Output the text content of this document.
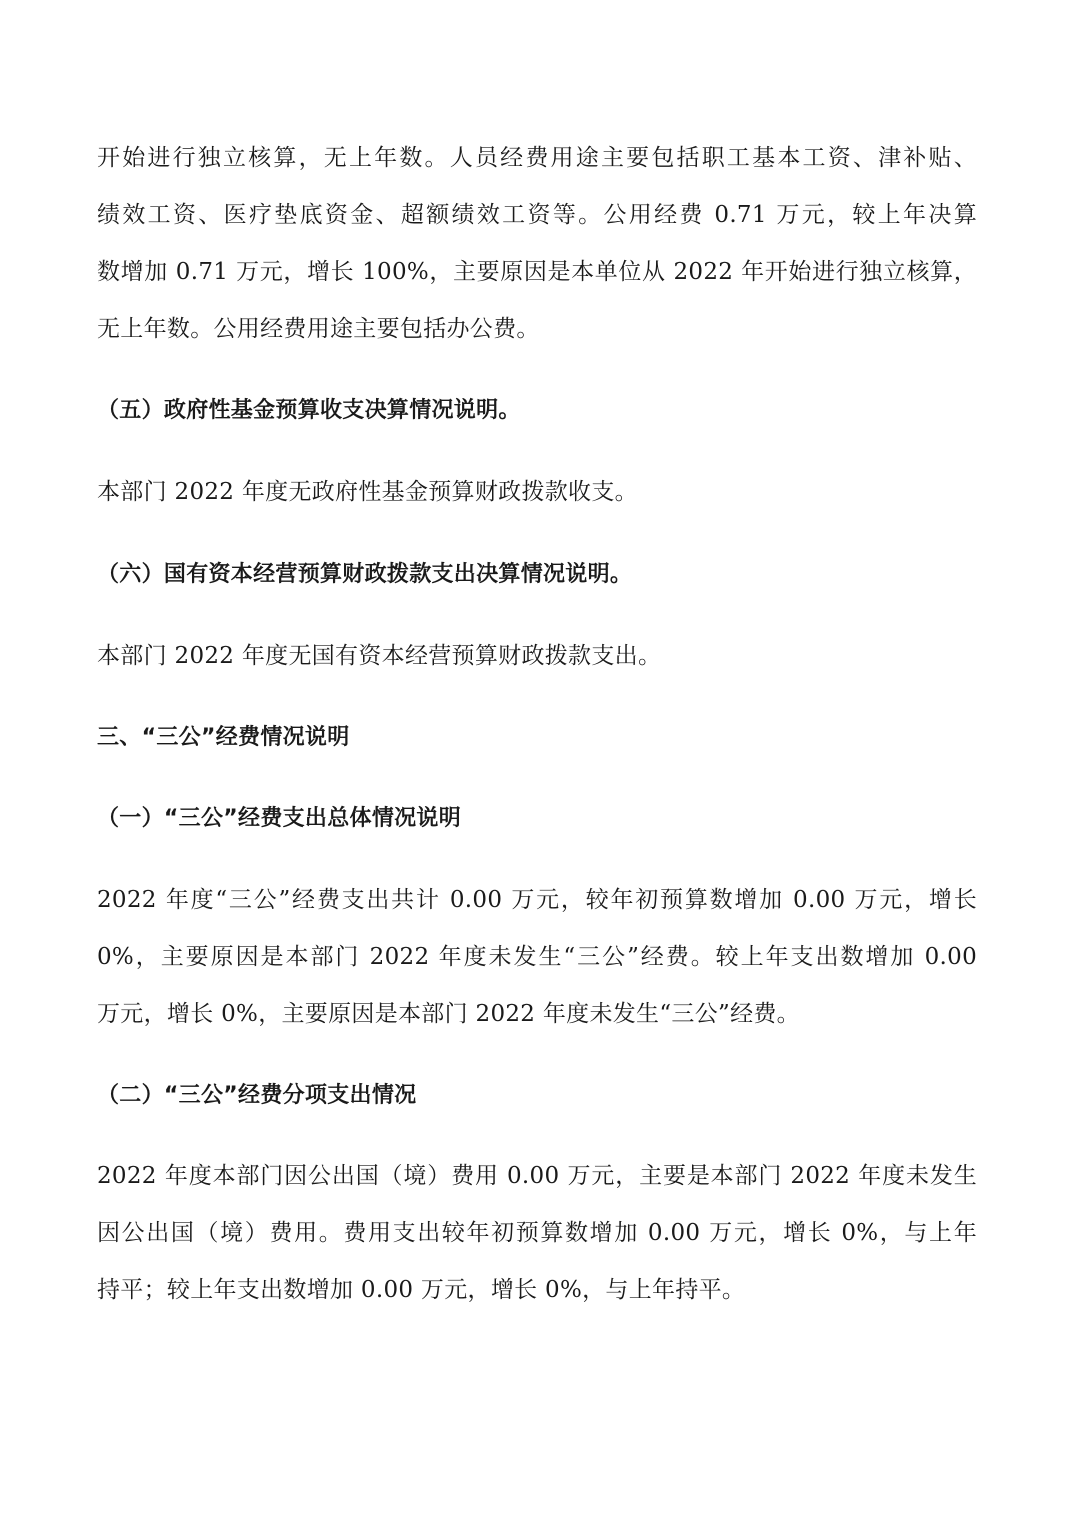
开始进行独立核算，无上年数。人员经费用途主要包括职工基本工资、津补贴、
绩效工资、医疗垫底资金、超额绩效工资等。公用经费 0.71 万元，较上年决算
数增加 0.71 万元，增长 100%，主要原因是本单位从 2022 年开始进行独立核算，
无上年数。公用经费用途主要包括办公费。
（五）政府性基金预算收支决算情况说明。
本部门 2022 年度无政府性基金预算财政拨款收支。
（六）国有资本经营预算财政拨款支出决算情况说明。
本部门 2022 年度无国有资本经营预算财政拨款支出。
三、“三公”经费情况说明
（一）“三公”经费支出总体情况说明
2022 年度“三公”经费支出共计 0.00 万元，较年初预算数增加 0.00 万元，增长
0%，主要原因是本部门 2022 年度未发生“三公”经费。较上年支出数增加 0.00
万元，增长 0%，主要原因是本部门 2022 年度未发生“三公”经费。
（二）“三公”经费分项支出情况
2022 年度本部门因公出国（境）费用 0.00 万元，主要是本部门 2022 年度未发生
因公出国（境）费用。费用支出较年初预算数增加 0.00 万元，增长 0%，与上年
持平；较上年支出数增加 0.00 万元，增长 0%，与上年持平。
